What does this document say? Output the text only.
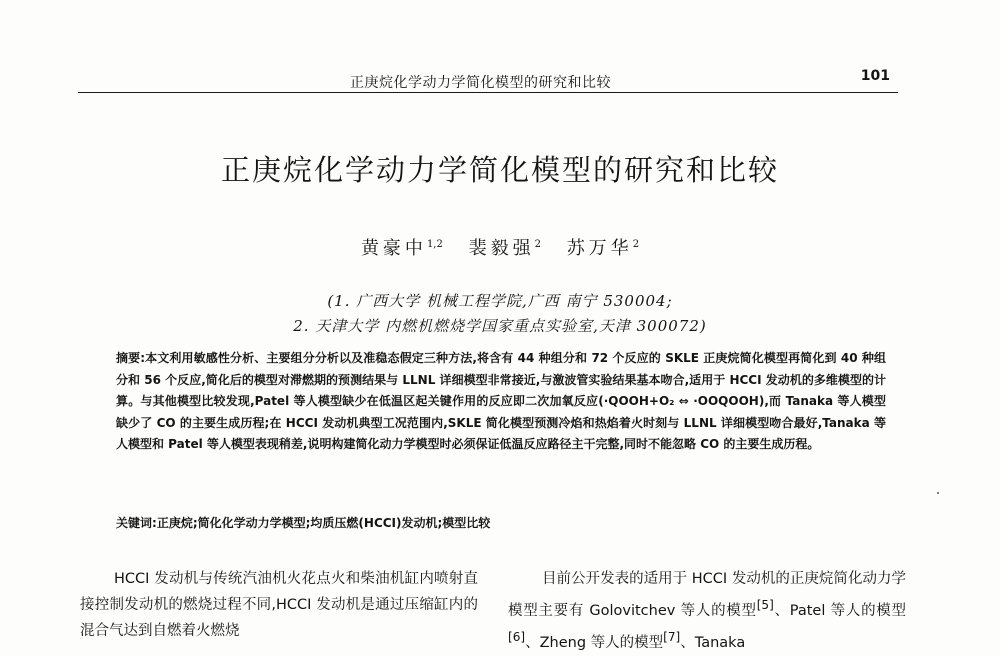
正庚烷化学动力学简化模型的研究和比较	101
正庚烷化学动力学简化模型的研究和比较
黄豪中$^{1,2}$ 裴毅强$^2$ 苏万华$^2$
(1. 广西大学 机械工程学院,广西 南宁 530004;
2. 天津大学 内燃机燃烧学国家重点实验室,天津 300072)

摘要:本文利用敏感性分析、主要组分分析以及准稳态假定三种方法,将含有 44 种组分和 72 个反应的 SKLE 正庚烷简化模型再简化到 40 种组分和 56 个反应,简化后的模型对滞燃期的预测结果与 LLNL 详细模型非常接近,与激波管实验结果基本吻合,适用于 HCCI 发动机的多维模型的计算。与其他模型比较发现,Patel 等人模型缺少在低温区起关键作用的反应即二次加氧反应(·QOOH+O₂ ⇔ ·OOQOOH),而 Tanaka 等人模型缺少了 CO 的主要生成历程;在 HCCI 发动机典型工况范围内,SKLE 简化模型预测冷焰和热焰着火时刻与 LLNL 详细模型吻合最好,Tanaka 等人模型和 Patel 等人模型表现稍差,说明构建简化动力学模型时必须保证低温反应路径主干完整,同时不能忽略 CO 的主要生成历程。

关键词:正庚烷;简化化学动力学模型;均质压燃(HCCI)发动机;模型比较

HCCI 发动机与传统汽油机火花点火和柴油机缸内喷射直接控制发动机的燃烧过程不同,HCCI 发动机是通过压缩缸内的混合气达到自燃着火燃烧

目前公开发表的适用于 HCCI 发动机的正庚烷简化动力学模型主要有 Golovitchev 等人的模型[5]、Patel 等人的模型[6]、Zheng 等人的模型[7]、Tanaka
